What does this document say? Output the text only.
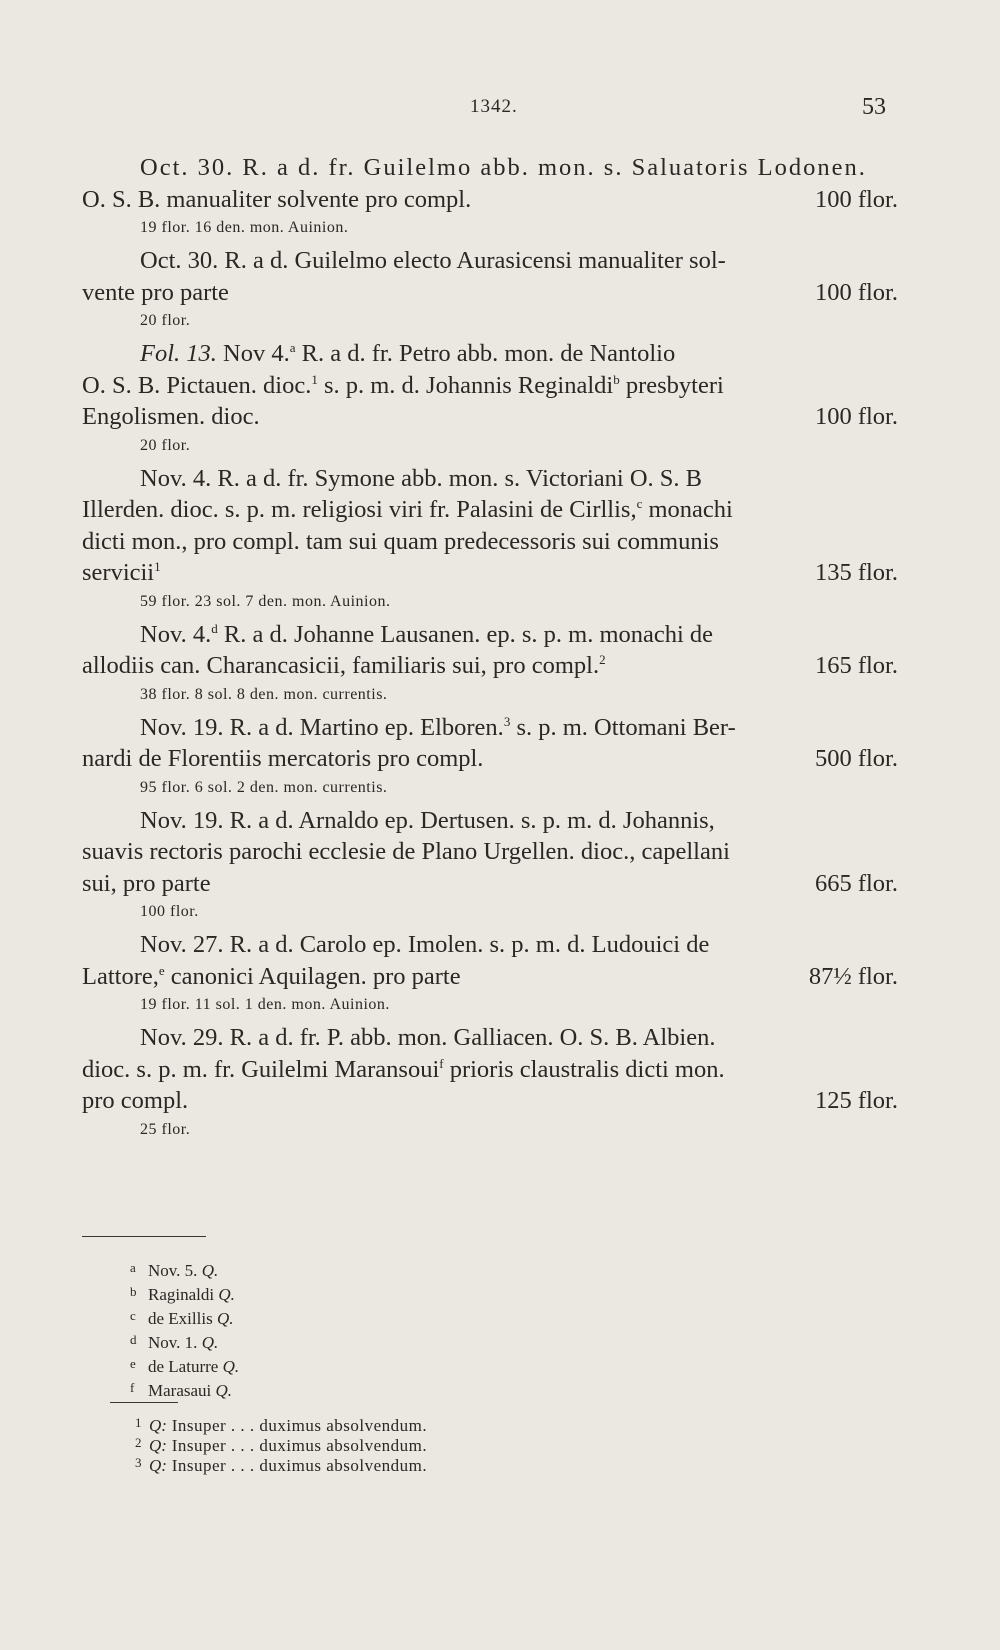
1342.	53
Oct. 30. R. a d. fr. Guilelmo abb. mon. s. Saluatoris Lodonen.
O. S. B. manualiter solvente pro compl.	100 flor.
19 flor. 16 den. mon. Auinion.
Oct. 30. R. a d. Guilelmo electo Aurasicensi manualiter sol-
vente pro parte	100 flor.
20 flor.
Fol. 13. Nov 4.$^a$ R. a d. fr. Petro abb. mon. de Nantolio
O. S. B. Pictauen. dioc.$^1$ s. p. m. d. Johannis Reginaldi$^b$ presbyteri
Engolismen. dioc.	100 flor.
20 flor.
Nov. 4. R. a d. fr. Symone abb. mon. s. Victoriani O. S. B
Illerden. dioc. s. p. m. religiosi viri fr. Palasini de Cirllis,$^c$ monachi
dicti mon., pro compl. tam sui quam predecessoris sui communis
servicii$^1$	135 flor.
59 flor. 23 sol. 7 den. mon. Auinion.
Nov. 4.$^d$ R. a d. Johanne Lausanen. ep. s. p. m. monachi de
allodiis can. Charancasicii, familiaris sui, pro compl.$^2$	165 flor.
38 flor. 8 sol. 8 den. mon. currentis.
Nov. 19. R. a d. Martino ep. Elboren.$^3$ s. p. m. Ottomani Ber-
nardi de Florentiis mercatoris pro compl.	500 flor.
95 flor. 6 sol. 2 den. mon. currentis.
Nov. 19. R. a d. Arnaldo ep. Dertusen. s. p. m. d. Johannis,
suavis rectoris parochi ecclesie de Plano Urgellen. dioc., capellani
sui, pro parte	665 flor.
100 flor.
Nov. 27. R. a d. Carolo ep. Imolen. s. p. m. d. Ludouici de
Lattore,$^e$ canonici Aquilagen. pro parte	87½ flor.
19 flor. 11 sol. 1 den. mon. Auinion.
Nov. 29. R. a d. fr. P. abb. mon. Galliacen. O. S. B. Albien.
dioc. s. p. m. fr. Guilelmi Maransoui$^f$ prioris claustralis dicti mon.
pro compl.	125 flor.
25 flor.
a Nov. 5. Q.
b Raginaldi Q.
c de Exillis Q.
d Nov. 1. Q.
e de Laturre Q.
f Marasaui Q.
1 Q: Insuper . . . duximus absolvendum.
2 Q: Insuper . . . duximus absolvendum.
3 Q: Insuper . . . duximus absolvendum.
